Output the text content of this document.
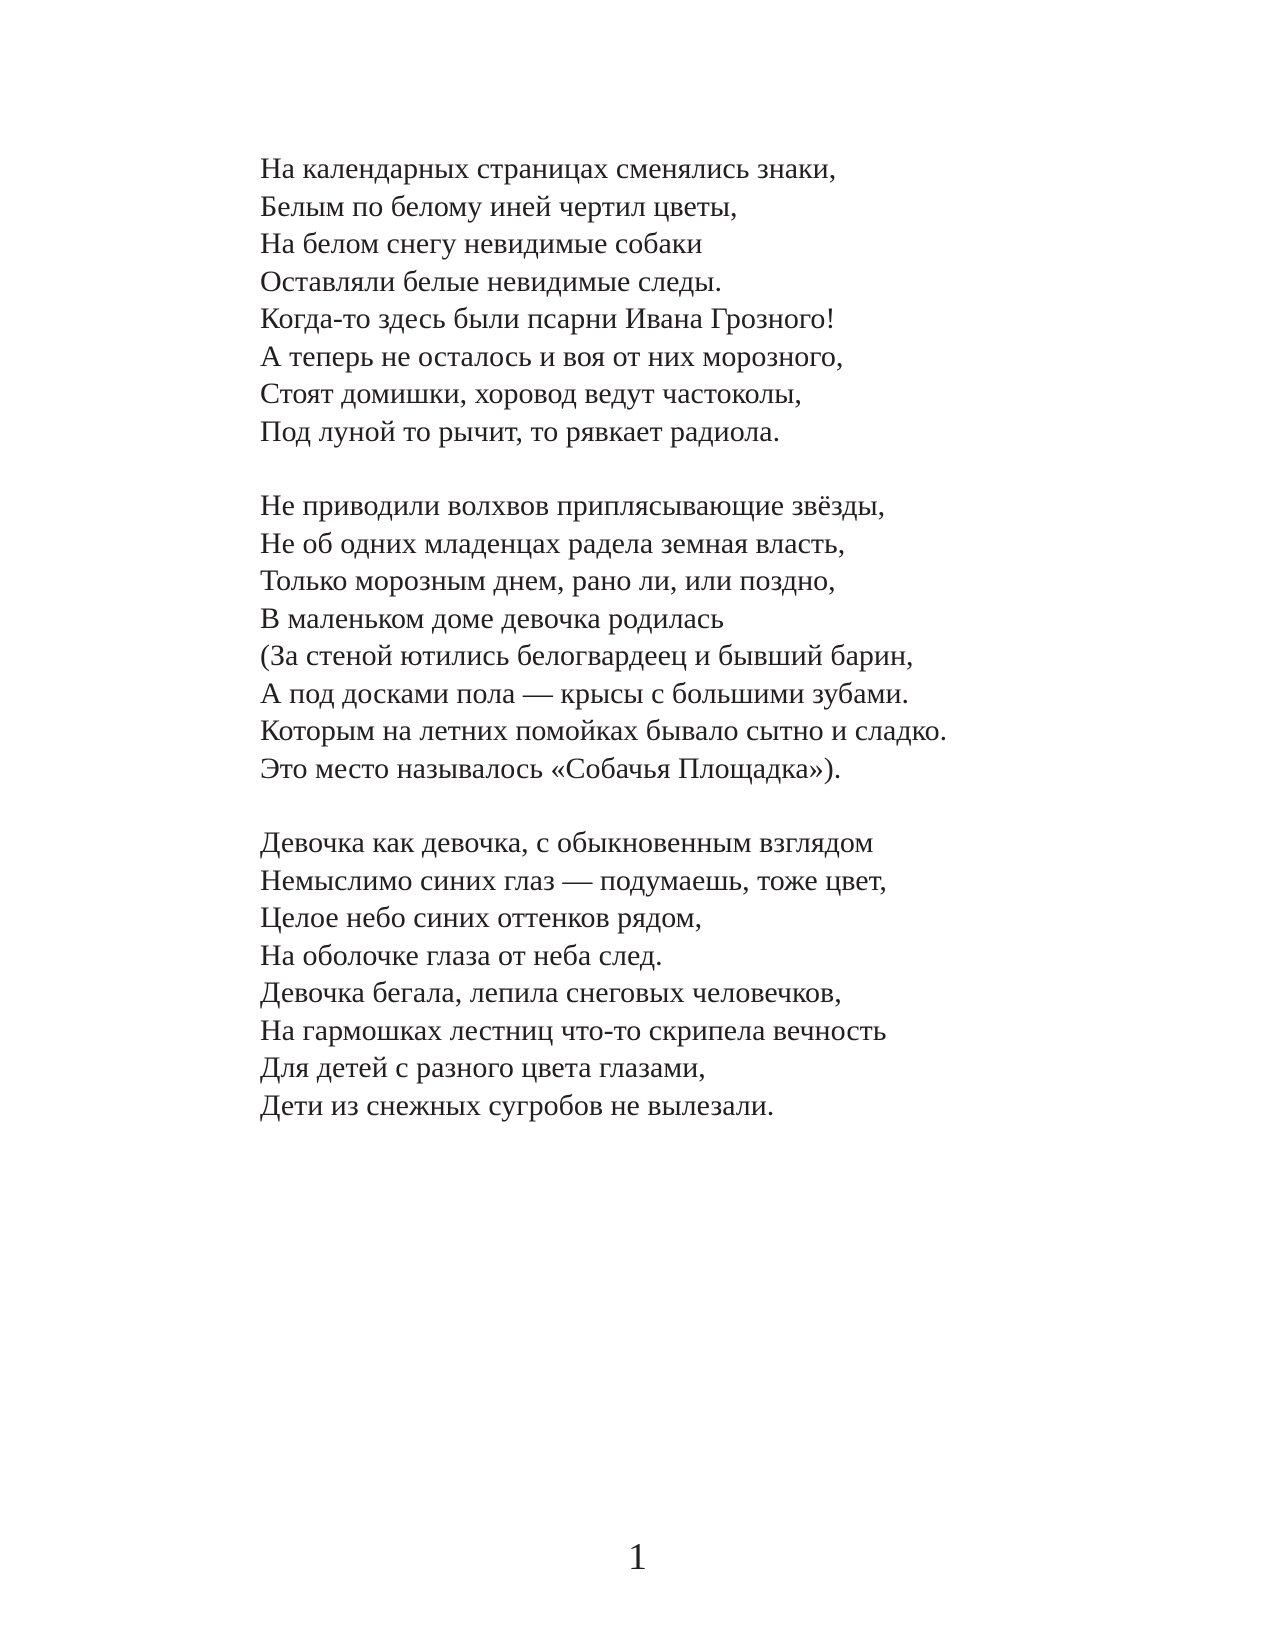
На календарных страницах сменялись знаки,
Белым по белому иней чертил цветы,
На белом снегу невидимые собаки
Оставляли белые невидимые следы.
Когда-то здесь были псарни Ивана Грозного!
А теперь не осталось и воя от них морозного,
Стоят домишки, хоровод ведут частоколы,
Под луной то рычит, то рявкает радиола.
Не приводили волхвов приплясывающие звёзды,
Не об одних младенцах радела земная власть,
Только морозным днем, рано ли, или поздно,
В маленьком доме девочка родилась
(За стеной ютились белогвардеец и бывший барин,
А под досками пола — крысы с большими зубами.
Которым на летних помойках бывало сытно и сладко.
Это место называлось «Собачья Площадка»).
Девочка как девочка, с обыкновенным взглядом
Немыслимо синих глаз — подумаешь, тоже цвет,
Целое небо синих оттенков рядом,
На оболочке глаза от неба след.
Девочка бегала, лепила снеговых человечков,
На гармошках лестниц что-то скрипела вечность
Для детей с разного цвета глазами,
Дети из снежных сугробов не вылезали.
1
